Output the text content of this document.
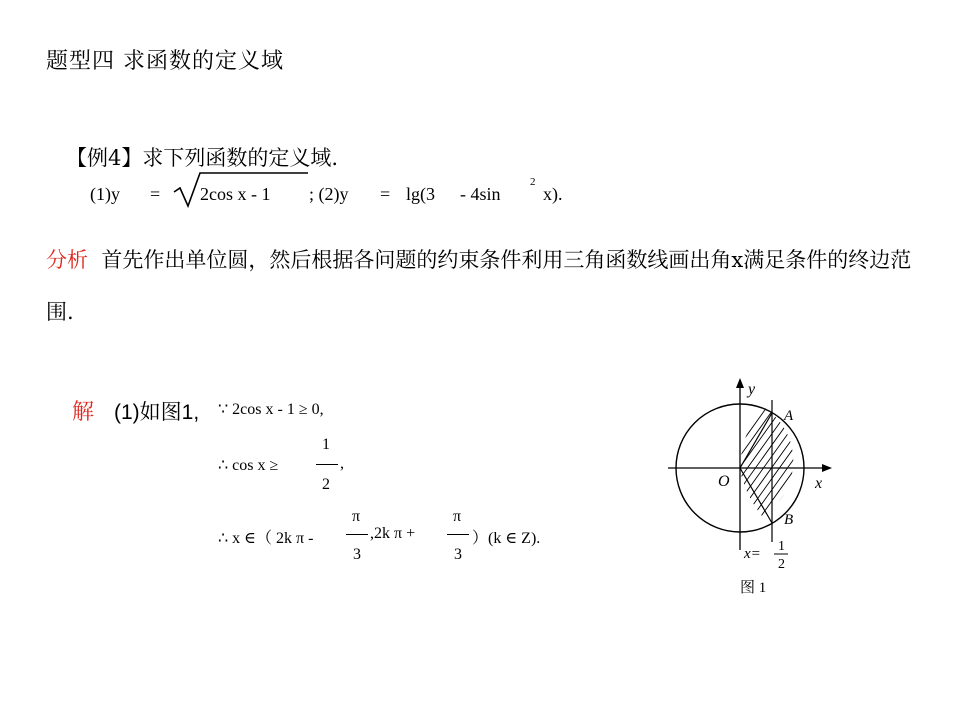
题型四 求函数的定义域
【例4】求下列函数的定义域.
(1)y = 2cos x - 1 ; (2)y = lg(3 - 4sin
2
x).
分析 首先作出单位圆，然后根据各问题的约束条件利用三角函数线画出角x满足条件的终边范围.
解 (1)如图1, ∵ 2cos x - 1 ≥ 0,
∴ cos x ≥
1
2
,
∴ x ∈（ 2k π -
π
3
,2k π +
π
3
）(k ∈ Z).
y
x
O
A
B
x= 1
2
图 1
